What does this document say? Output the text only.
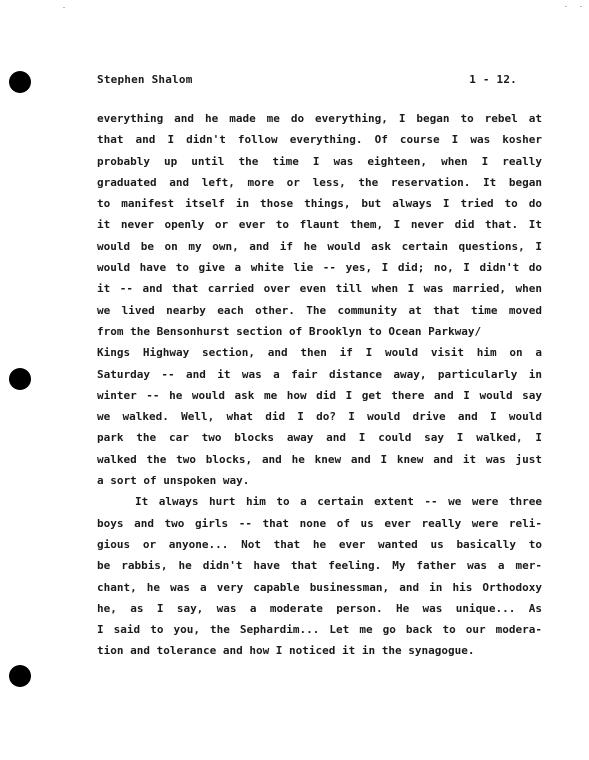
Stephen Shalom	1 - 12.
everything and he made me do everything, I began to rebel at
that and I didn't follow everything. Of course I was kosher
probably up until the time I was eighteen, when I really
graduated and left, more or less, the reservation. It began
to manifest itself in those things, but always I tried to do
it never openly or ever to flaunt them, I never did that. It
would be on my own, and if he would ask certain questions, I
would have to give a white lie -- yes, I did; no, I didn't do
it -- and that carried over even till when I was married, when
we lived nearby each other. The community at that time moved
from the Bensonhurst section of Brooklyn to Ocean Parkway/
Kings Highway section, and then if I would visit him on a
Saturday -- and it was a fair distance away, particularly in
winter -- he would ask me how did I get there and I would say
we walked. Well, what did I do? I would drive and I would
park the car two blocks away and I could say I walked, I
walked the two blocks, and he knew and I knew and it was just
a sort of unspoken way.
It always hurt him to a certain extent -- we were three
boys and two girls -- that none of us ever really were reli-
gious or anyone... Not that he ever wanted us basically to
be rabbis, he didn't have that feeling. My father was a mer-
chant, he was a very capable businessman, and in his Orthodoxy
he, as I say, was a moderate person. He was unique... As
I said to you, the Sephardim... Let me go back to our modera-
tion and tolerance and how I noticed it in the synagogue.
